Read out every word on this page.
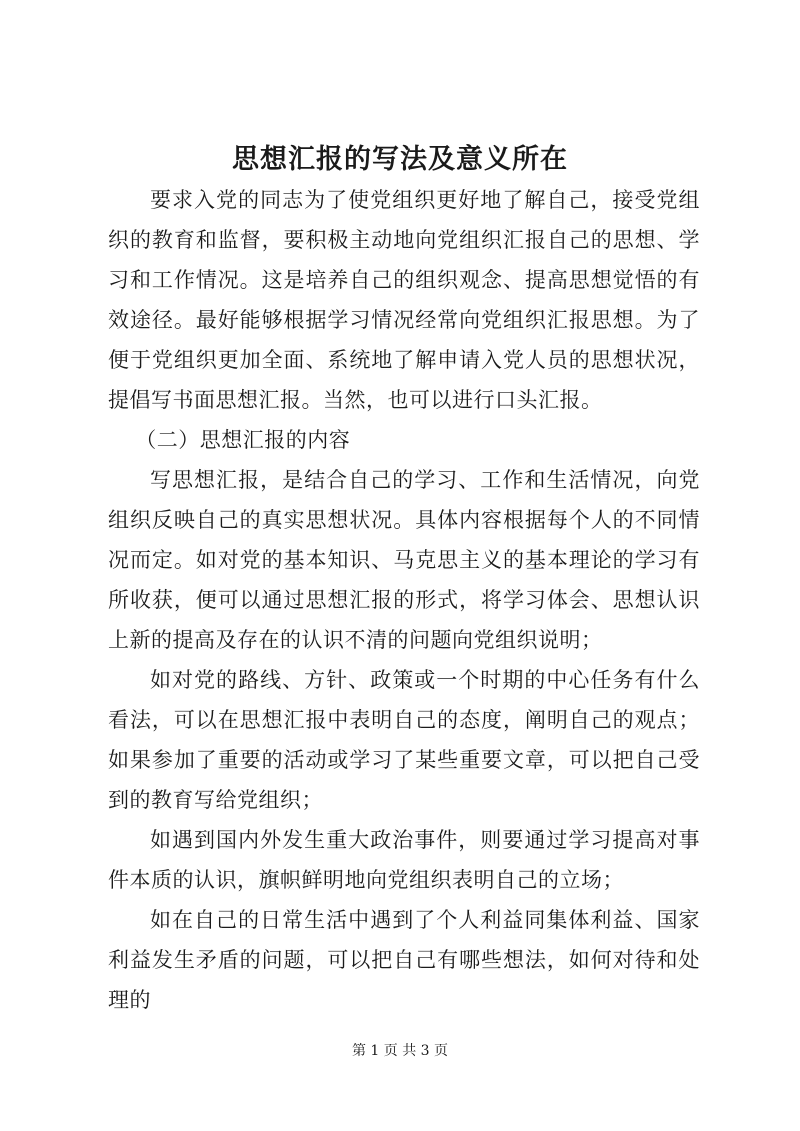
思想汇报的写法及意义所在

要求入党的同志为了使党组织更好地了解自己，接受党组织的教育和监督，要积极主动地向党组织汇报自己的思想、学习和工作情况。这是培养自己的组织观念、提高思想觉悟的有效途径。最好能够根据学习情况经常向党组织汇报思想。为了便于党组织更加全面、系统地了解申请入党人员的思想状况，提倡写书面思想汇报。当然，也可以进行口头汇报。

（二）思想汇报的内容

写思想汇报，是结合自己的学习、工作和生活情况，向党组织反映自己的真实思想状况。具体内容根据每个人的不同情况而定。如对党的基本知识、马克思主义的基本理论的学习有所收获，便可以通过思想汇报的形式，将学习体会、思想认识上新的提高及存在的认识不清的问题向党组织说明；

如对党的路线、方针、政策或一个时期的中心任务有什么看法，可以在思想汇报中表明自己的态度，阐明自己的观点；如果参加了重要的活动或学习了某些重要文章，可以把自己受到的教育写给党组织；

如遇到国内外发生重大政治事件，则要通过学习提高对事件本质的认识，旗帜鲜明地向党组织表明自己的立场；

如在自己的日常生活中遇到了个人利益同集体利益、国家利益发生矛盾的问题，可以把自己有哪些想法，如何对待和处理的

第 1 页 共 3 页
